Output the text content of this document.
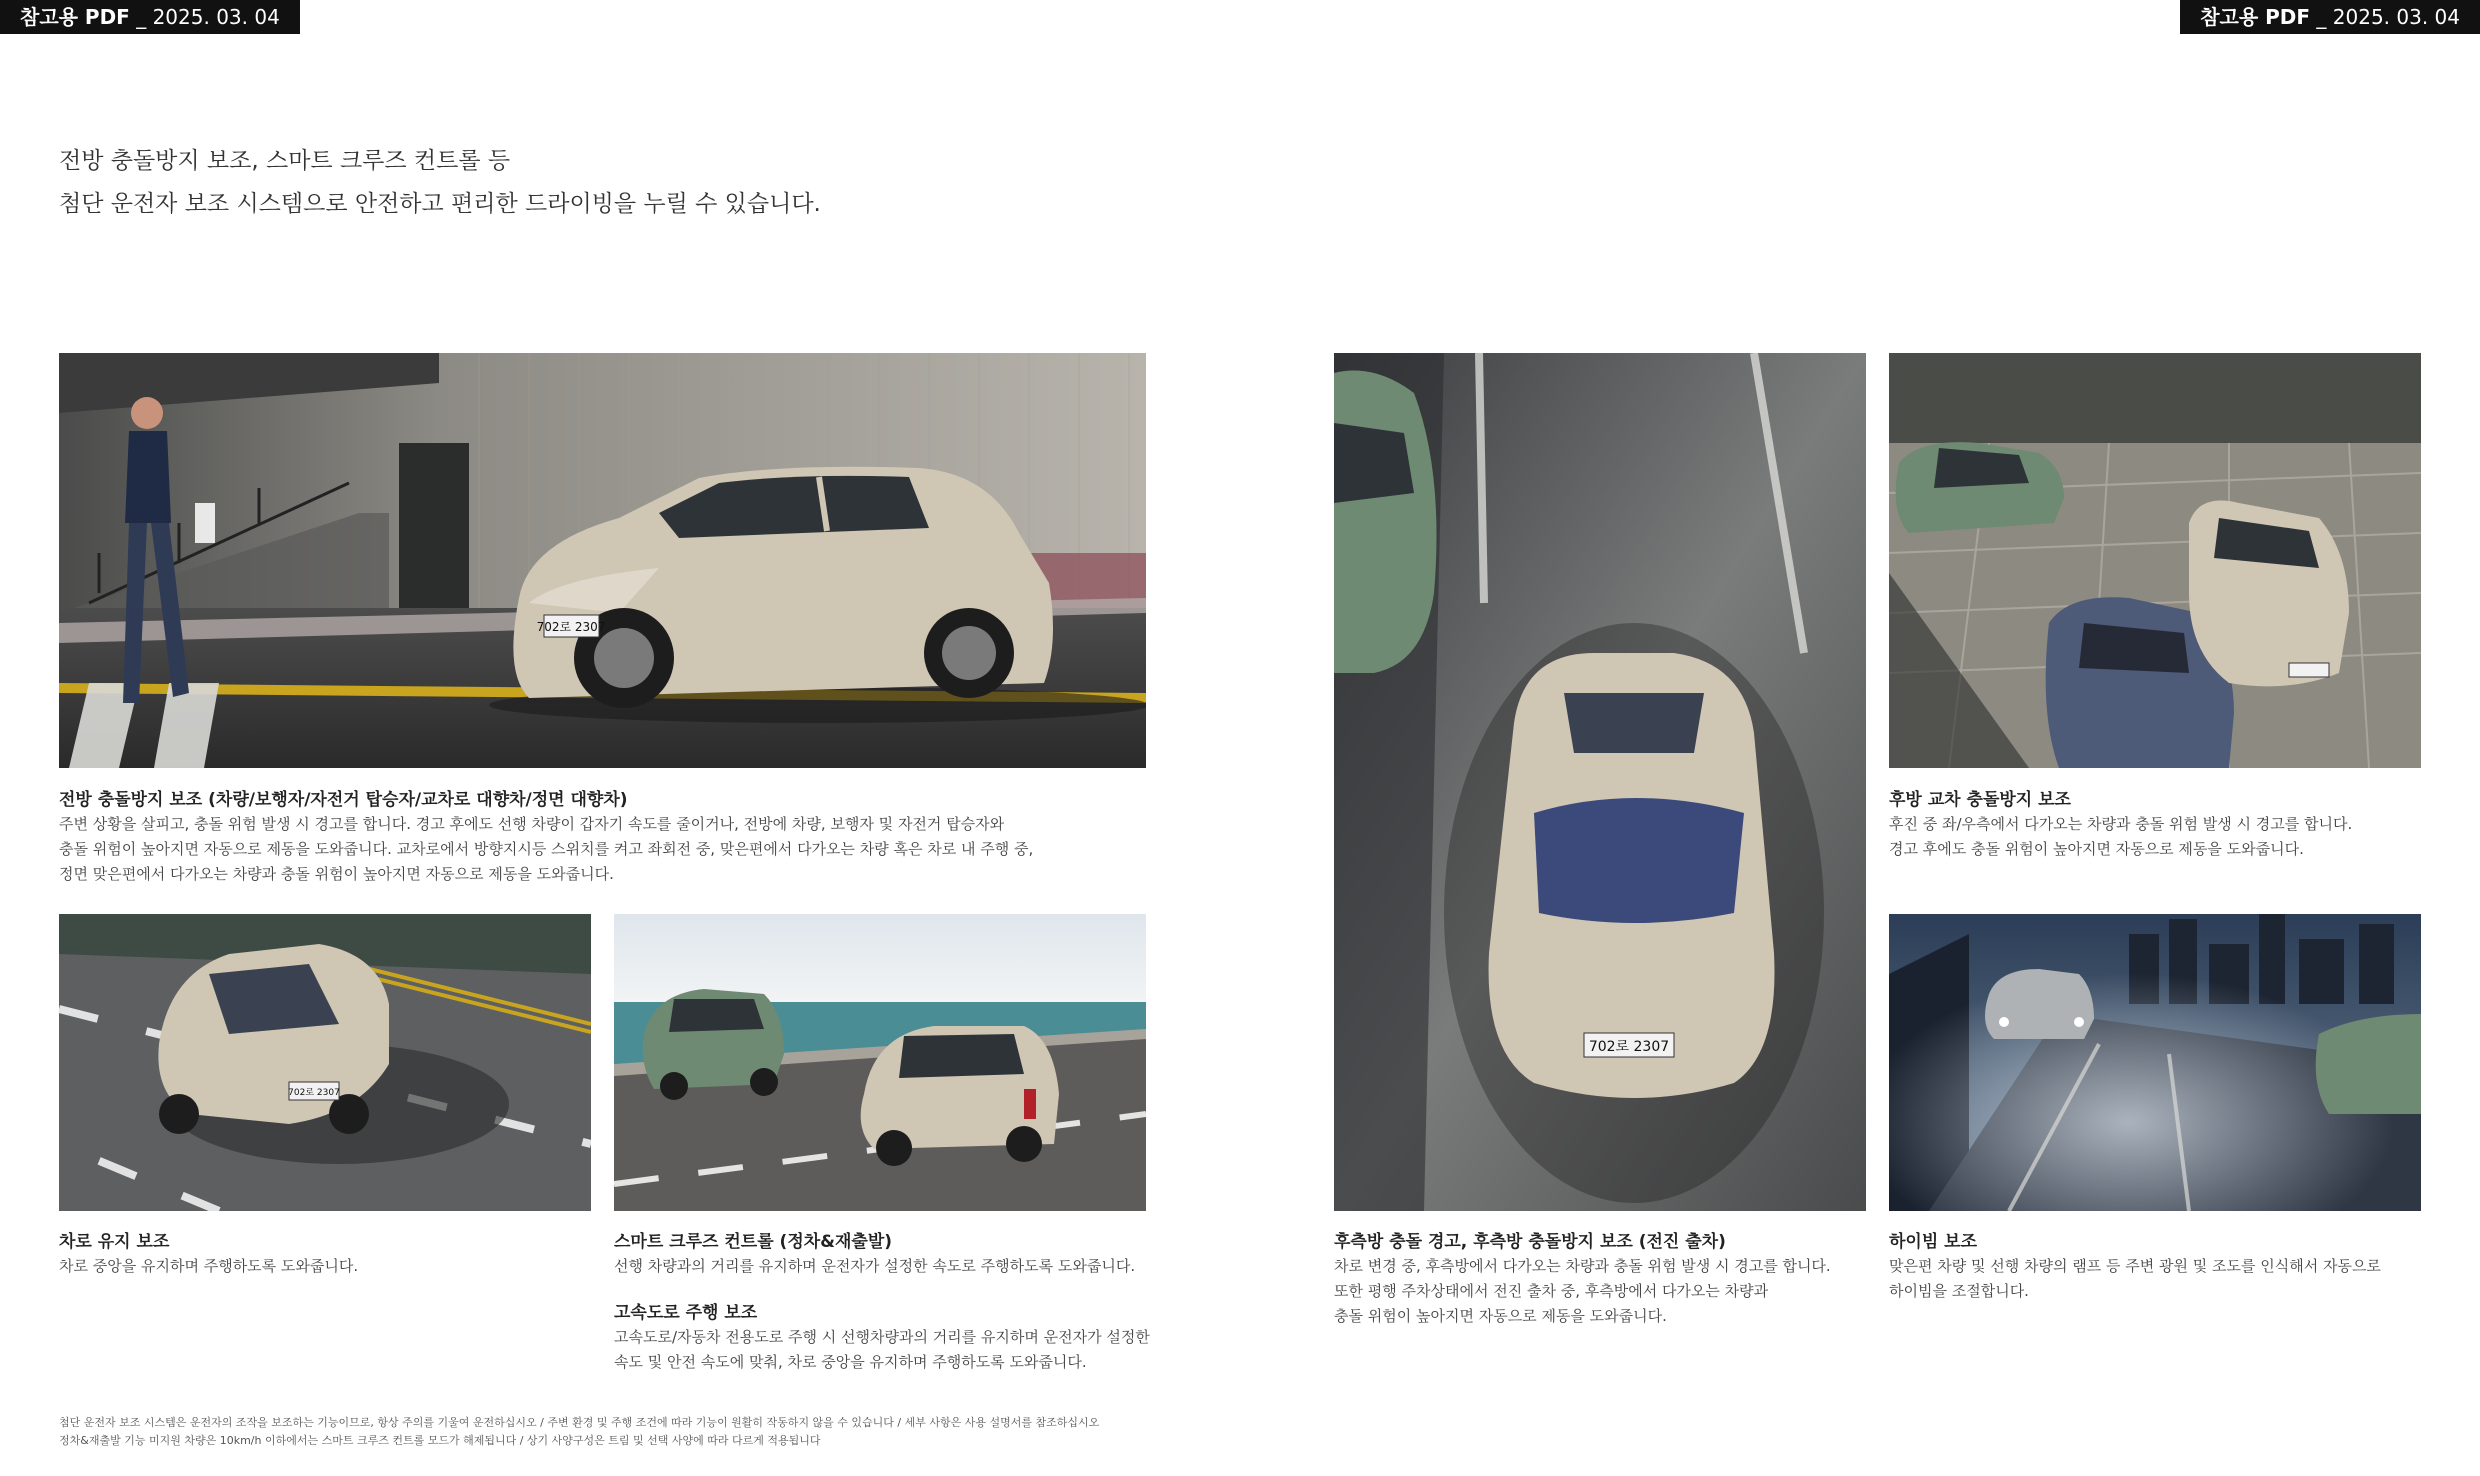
참고용 PDF _ 2025. 03. 04	참고용 PDF _ 2025. 03. 04
전방 충돌방지 보조, 스마트 크루즈 컨트롤 등
첨단 운전자 보조 시스템으로 안전하고 편리한 드라이빙을 누릴 수 있습니다.
702로 2307
전방 충돌방지 보조 (차량/보행자/자전거 탑승자/교차로 대향차/정면 대향차)
주변 상황을 살피고, 충돌 위험 발생 시 경고를 합니다. 경고 후에도 선행 차량이 갑자기 속도를 줄이거나, 전방에 차량, 보행자 및 자전거 탑승자와
충돌 위험이 높아지면 자동으로 제동을 도와줍니다. 교차로에서 방향지시등 스위치를 켜고 좌회전 중, 맞은편에서 다가오는 차량 혹은 차로 내 주행 중,
정면 맞은편에서 다가오는 차량과 충돌 위험이 높아지면 자동으로 제동을 도와줍니다.
702로 2307
차로 유지 보조
차로 중앙을 유지하며 주행하도록 도와줍니다.
스마트 크루즈 컨트롤 (정차&재출발)
선행 차량과의 거리를 유지하며 운전자가 설정한 속도로 주행하도록 도와줍니다.
고속도로 주행 보조
고속도로/자동차 전용도로 주행 시 선행차량과의 거리를 유지하며 운전자가 설정한
속도 및 안전 속도에 맞춰, 차로 중앙을 유지하며 주행하도록 도와줍니다.
첨단 운전자 보조 시스템은 운전자의 조작을 보조하는 기능이므로, 항상 주의를 기울여 운전하십시오 / 주변 환경 및 주행 조건에 따라 기능이 원활히 작동하지 않을 수 있습니다 / 세부 사항은 사용 설명서를 참조하십시오
정차&재출발 기능 미지원 차량은 10km/h 이하에서는 스마트 크루즈 컨트롤 모드가 해제됩니다 / 상기 사양구성은 트림 및 선택 사양에 따라 다르게 적용됩니다
702로 2307
후측방 충돌 경고, 후측방 충돌방지 보조 (전진 출차)
차로 변경 중, 후측방에서 다가오는 차량과 충돌 위험 발생 시 경고를 합니다.
또한 평행 주차상태에서 전진 출차 중, 후측방에서 다가오는 차량과
충돌 위험이 높아지면 자동으로 제동을 도와줍니다.
후방 교차 충돌방지 보조
후진 중 좌/우측에서 다가오는 차량과 충돌 위험 발생 시 경고를 합니다.
경고 후에도 충돌 위험이 높아지면 자동으로 제동을 도와줍니다.
하이빔 보조
맞은편 차량 및 선행 차량의 램프 등 주변 광원 및 조도를 인식해서 자동으로
하이빔을 조절합니다.
